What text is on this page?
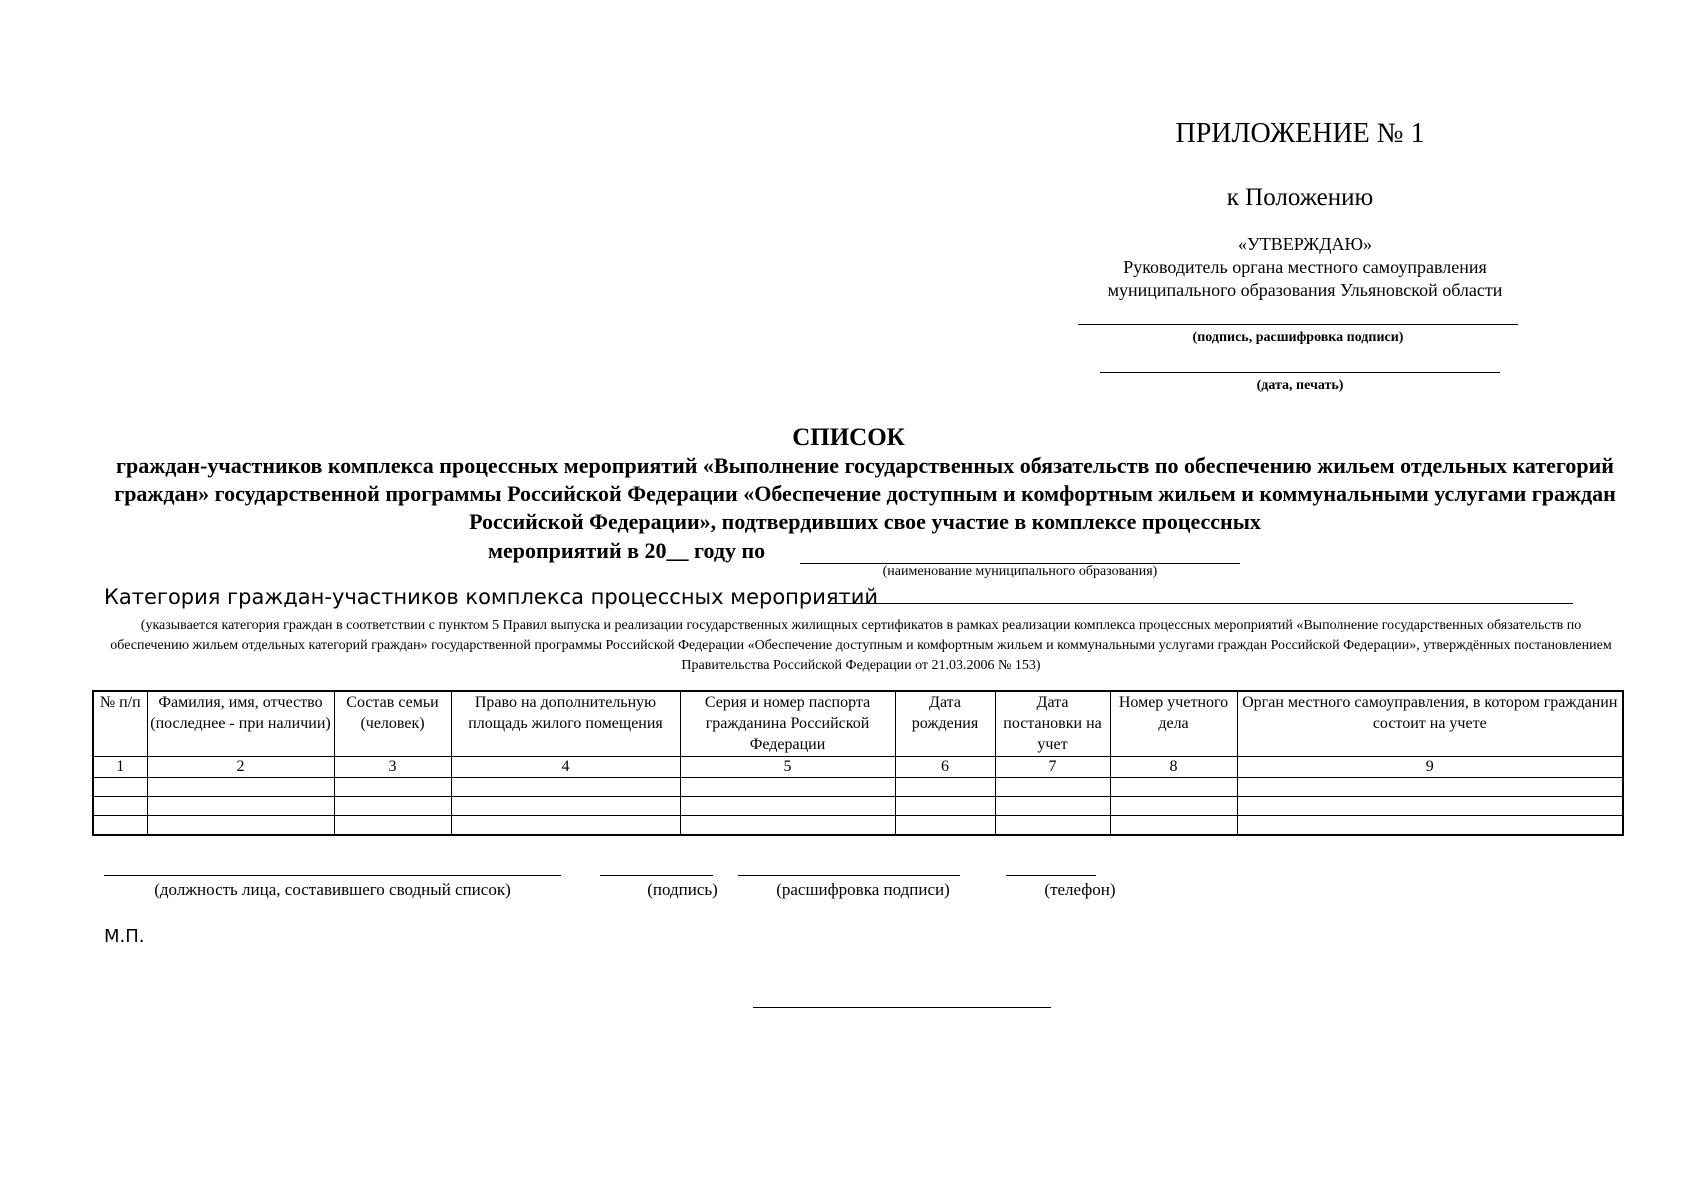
ПРИЛОЖЕНИЕ № 1
к Положению
«УТВЕРЖДАЮ»
Руководитель органа местного самоуправления
муниципального образования Ульяновской области
(подпись, расшифровка подписи)
(дата, печать)
СПИСОК
граждан-участников комплекса процессных мероприятий «Выполнение государственных обязательств по обеспечению жильем отдельных категорий граждан» государственной программы Российской Федерации «Обеспечение доступным и комфортным жильем и коммунальными услугами граждан Российской Федерации», подтвердивших свое участие в комплексе процессных
мероприятий в 20__ году по
(наименование муниципального образования)
Категория граждан-участников комплекса процессных мероприятий
(указывается категория граждан в соответствии с пунктом 5 Правил выпуска и реализации государственных жилищных сертификатов в рамках реализации комплекса процессных мероприятий «Выполнение государственных обязательств по обеспечению жильем отдельных категорий граждан» государственной программы Российской Федерации «Обеспечение доступным и комфортным жильем и коммунальными услугами граждан Российской Федерации», утверждённых постановлением Правительства Российской Федерации от 21.03.2006 № 153)
№ п/п	Фамилия, имя, отчество (последнее - при наличии)	Состав семьи (человек)	Право на дополнительную площадь жилого помещения	Серия и номер паспорта гражданина Российской Федерации	Дата рождения	Дата постановки на учет	Номер учетного дела	Орган местного самоуправления, в котором гражданин состоит на учете
1	2	3	4	5	6	7	8	9

(должность лица, составившего сводный список)	(подпись)	(расшифровка подписи)	(телефон)
М.П.
